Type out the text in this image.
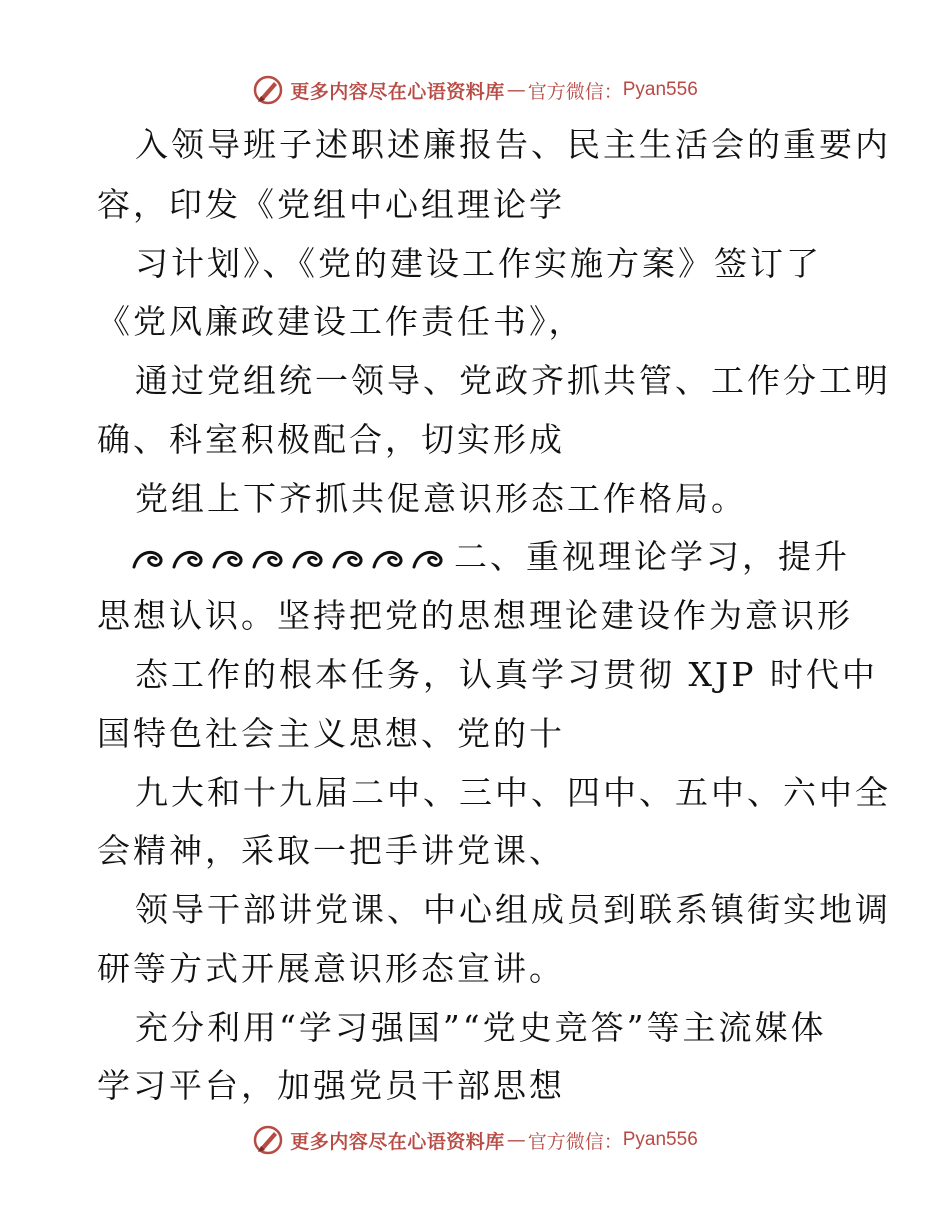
更多内容尽在心语资料库 — 官方微信： Pyan556
入领导班子述职述廉报告、民主生活会的重要内
容，印发《党组中心组理论学
习计划》、《党的建设工作实施方案》签订了
《党风廉政建设工作责任书》，
通过党组统一领导、党政齐抓共管、工作分工明
确、科室积极配合，切实形成
党组上下齐抓共促意识形态工作格局。
二、重视理论学习，提升
思想认识。坚持把党的思想理论建设作为意识形
态工作的根本任务，认真学习贯彻 XJP 时代中
国特色社会主义思想、党的十
九大和十九届二中、三中、四中、五中、六中全
会精神，采取一把手讲党课、
领导干部讲党课、中心组成员到联系镇街实地调
研等方式开展意识形态宣讲。
充分利用“学习强国”“党史竞答”等主流媒体
学习平台，加强党员干部思想
更多内容尽在心语资料库 — 官方微信： Pyan556
